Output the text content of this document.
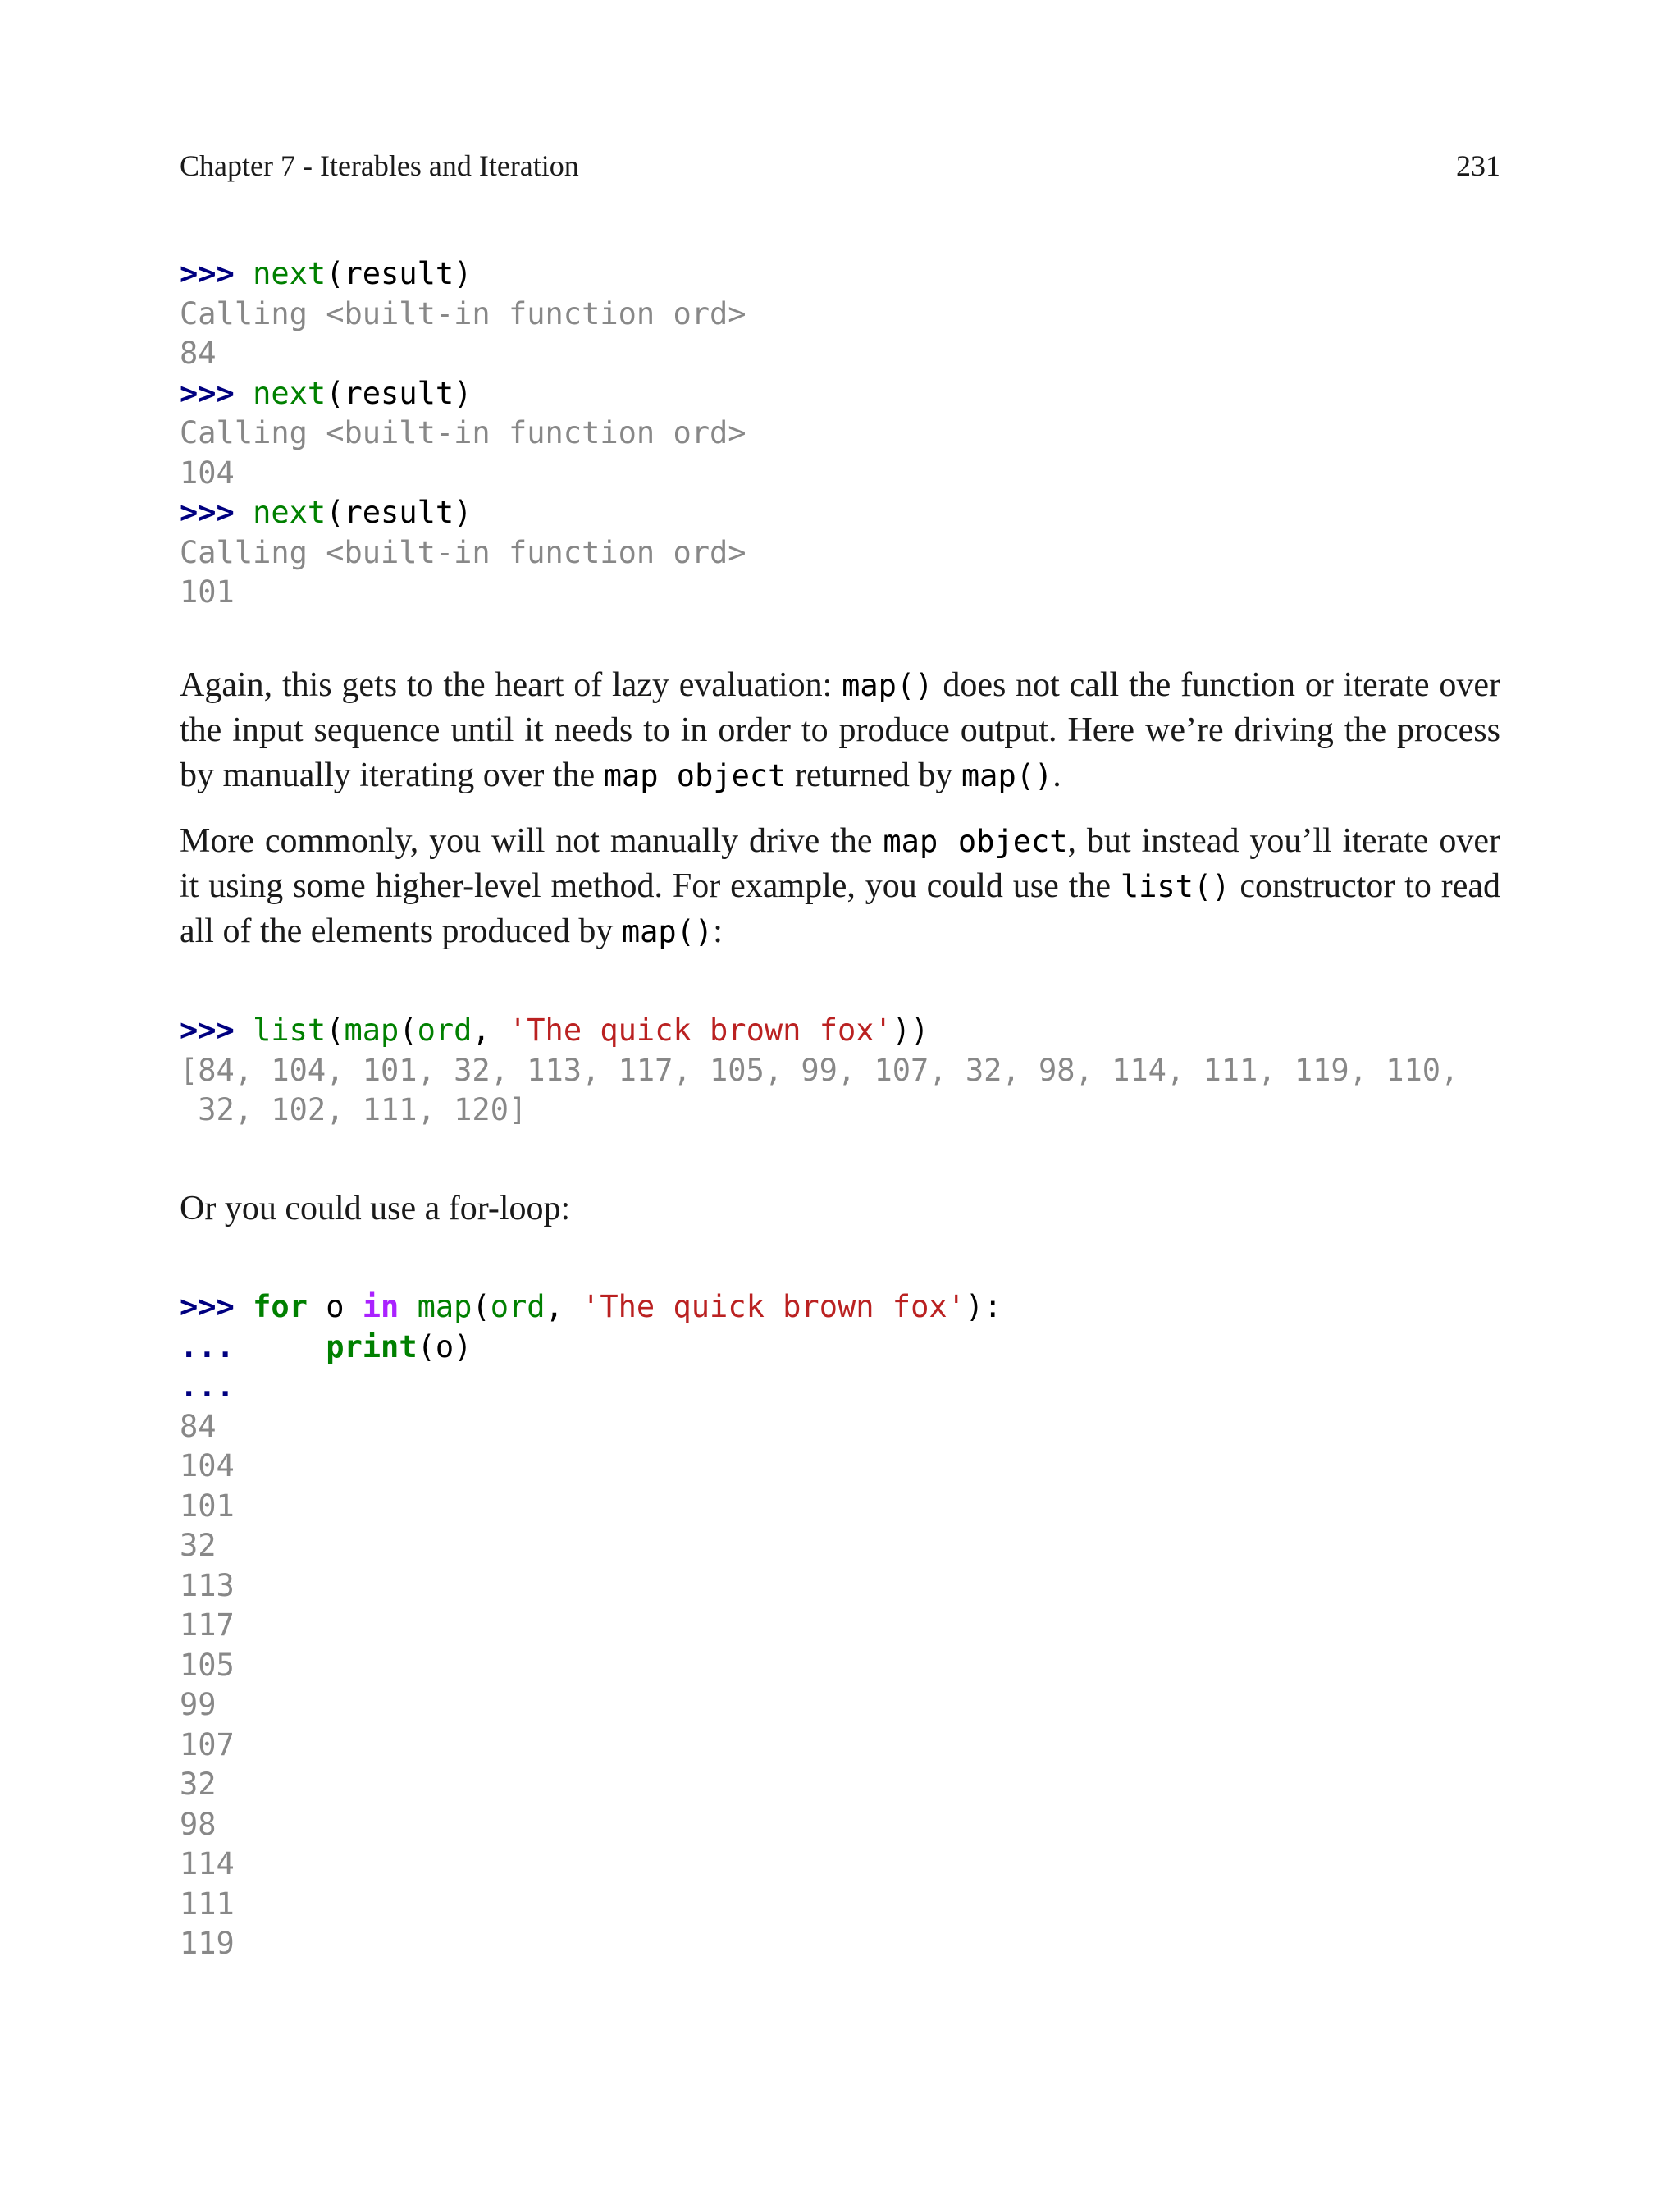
Chapter 7 - Iterables and Iteration	231
>>> next(result)
Calling <built-in function ord>
84
>>> next(result)
Calling <built-in function ord>
104
>>> next(result)
Calling <built-in function ord>
101

Again, this gets to the heart of lazy evaluation: map() does not call the function or iterate over the input sequence until it needs to in order to produce output. Here we’re driving the process by manually iterating over the map object returned by map().

More commonly, you will not manually drive the map object, but instead you’ll iterate over it using some higher-level method. For example, you could use the list() constructor to read all of the elements produced by map():

>>> list(map(ord, 'The quick brown fox'))
[84, 104, 101, 32, 113, 117, 105, 99, 107, 32, 98, 114, 111, 119, 110,
32, 102, 111, 120]

Or you could use a for-loop:

>>> for o in map(ord, 'The quick brown fox'):
...	print(o)
...
84
104
101
32
113
117
105
99
107
32
98
114
111
119
